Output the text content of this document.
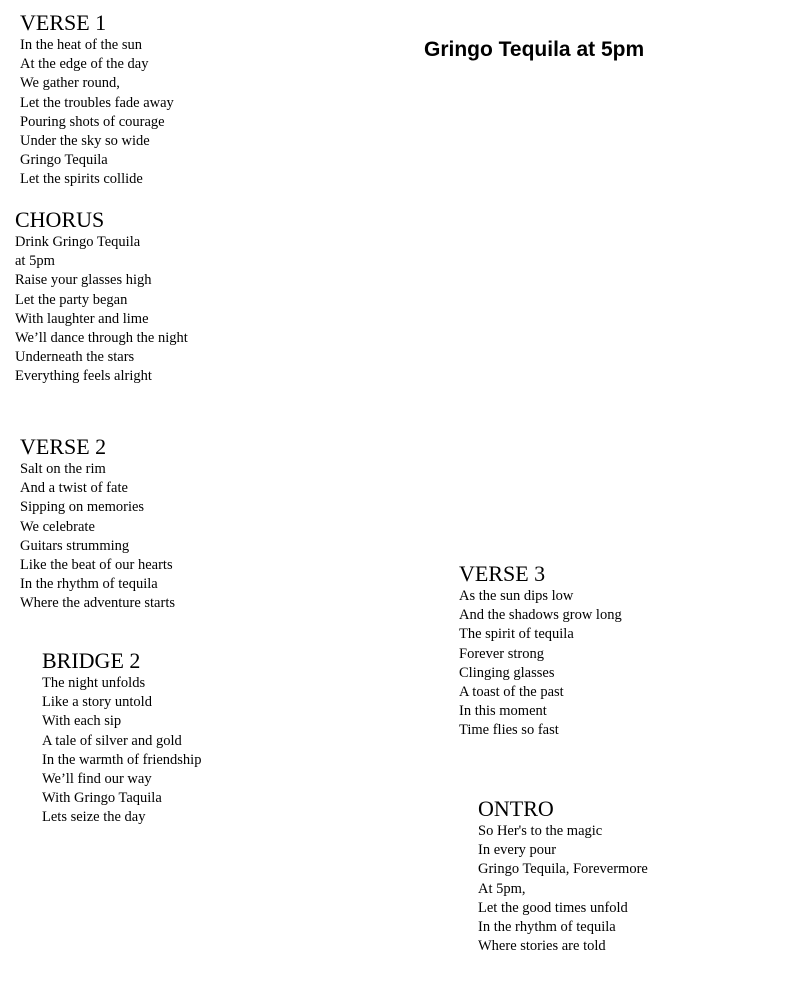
Gringo Tequila at 5pm
VERSE 1
In the heat of the sun
At the edge of the day
We gather round,
Let the troubles fade away
Pouring shots of courage
Under the sky so wide
Gringo Tequila
Let the spirits collide
CHORUS
Drink Gringo Tequila
at 5pm
Raise your glasses high
Let the party began
With laughter and lime
We’ll dance through the night
Underneath the stars
Everything feels alright
VERSE 2
Salt on the rim
And a twist of fate
Sipping on memories
We celebrate
Guitars strumming
Like the beat of our hearts
In the rhythm of tequila
Where the adventure starts
BRIDGE 2
The night unfolds
Like a story untold
With each sip
A tale of silver and gold
In the warmth of friendship
We’ll find our way
With Gringo Taquila
Lets seize the day
VERSE 3
As the sun dips low
And the shadows grow long
The spirit of tequila
Forever strong
Clinging glasses
A toast of the past
In this moment
Time flies so fast
ONTRO
So Her's to the magic
In every pour
Gringo Tequila, Forevermore
At 5pm,
Let the good times unfold
In the rhythm of tequila
Where stories are told
